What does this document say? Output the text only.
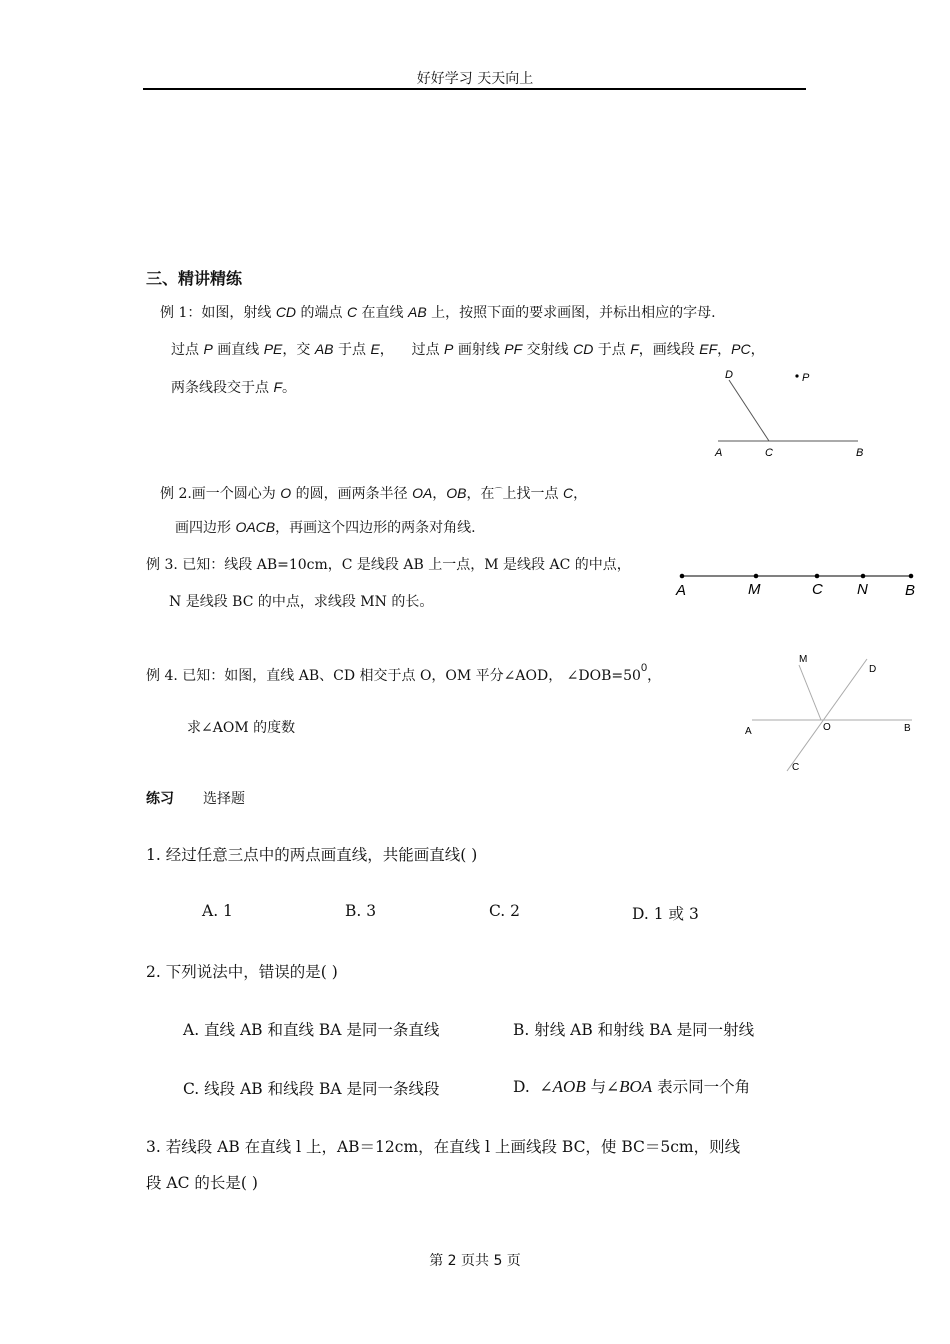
好好学习 天天向上
三、精讲精练
例 1：如图，射线 CD 的端点 C 在直线 AB 上，按照下面的要求画图，并标出相应的字母.
过点 P 画直线 PE，交 AB 于点 E，    过点 P 画射线 PF 交射线 CD 于点 F，画线段 EF，PC，
两条线段交于点 F。
D	P
A	C	B
例 2.画一个圆心为 O 的圆，画两条半径 OA，OB，在⌒上找一点 C，
画四边形 OACB，再画这个四边形的两条对角线.
例 3. 已知：线段 AB=10cm，C 是线段 AB 上一点，M 是线段 AC 的中点，
N 是线段 BC 的中点，求线段 MN 的长。
A	M	C N B
例 4. 已知：如图，直线 AB、CD 相交于点 O，OM 平分∠AOD， $\angle DOB=50^0$，
求∠AOM 的度数
M
D
A	O	B
C
练习 选择题
1. 经过任意三点中的两点画直线，共能画直线( )
A. 1	B. 3	C. 2	D. 1 或 3
2. 下列说法中，错误的是( )
A. 直线 AB 和直线 BA 是同一条直线	B. 射线 AB 和射线 BA 是同一射线
C. 线段 AB 和线段 BA 是同一条线段	D.  ∠AOB 与∠BOA 表示同一个角
3. 若线段 AB 在直线 l 上，AB＝12cm，在直线 l 上画线段 BC，使 BC＝5cm，则线
段 AC 的长是( )
第 2 页共 5 页
